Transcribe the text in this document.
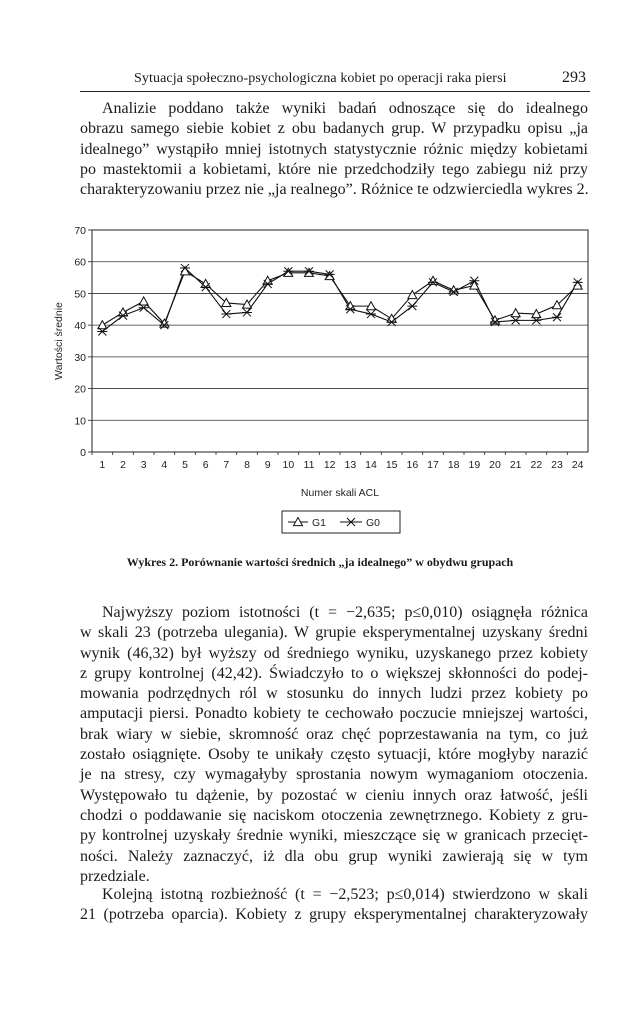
Sytuacja społeczno-psychologiczna kobiet po operacji raka piersi	293
Analizie poddano także wyniki badań odnoszące się do idealnego
obrazu samego siebie kobiet z obu badanych grup. W przypadku opisu „ja
idealnego” wystąpiło mniej istotnych statystycznie różnic między kobietami
po mastektomii a kobietami, które nie przedchodziły tego zabiegu niż przy
charakteryzowaniu przez nie „ja realnego”. Różnice te odzwierciedla wykres 2.
0
10
20
30
40
50
60
70
1 2 3 4 5 6 7 8 9 10 11 12 13 14 15 16 17 18 19 20 21 22 23 24
Numer skali ACL
Wartości średnie
G1	G0
Wykres 2. Porównanie wartości średnich „ja idealnego” w obydwu grupach
Najwyższy poziom istotności (t = −2,635; p≤0,010) osiągnęła różnica
w skali 23 (potrzeba ulegania). W grupie eksperymentalnej uzyskany średni
wynik (46,32) był wyższy od średniego wyniku, uzyskanego przez kobiety
z grupy kontrolnej (42,42). Świadczyło to o większej skłonności do podej-
mowania podrzędnych ról w stosunku do innych ludzi przez kobiety po
amputacji piersi. Ponadto kobiety te cechowało poczucie mniejszej wartości,
brak wiary w siebie, skromność oraz chęć poprzestawania na tym, co już
zostało osiągnięte. Osoby te unikały często sytuacji, które mogłyby narazić
je na stresy, czy wymagałyby sprostania nowym wymaganiom otoczenia.
Występowało tu dążenie, by pozostać w cieniu innych oraz łatwość, jeśli
chodzi o poddawanie się naciskom otoczenia zewnętrznego. Kobiety z gru-
py kontrolnej uzyskały średnie wyniki, mieszczące się w granicach przecięt-
ności. Należy zaznaczyć, iż dla obu grup wyniki zawierają się w tym
przedziale.
Kolejną istotną rozbieżność (t = −2,523; p≤0,014) stwierdzono w skali
21 (potrzeba oparcia). Kobiety z grupy eksperymentalnej charakteryzowały
